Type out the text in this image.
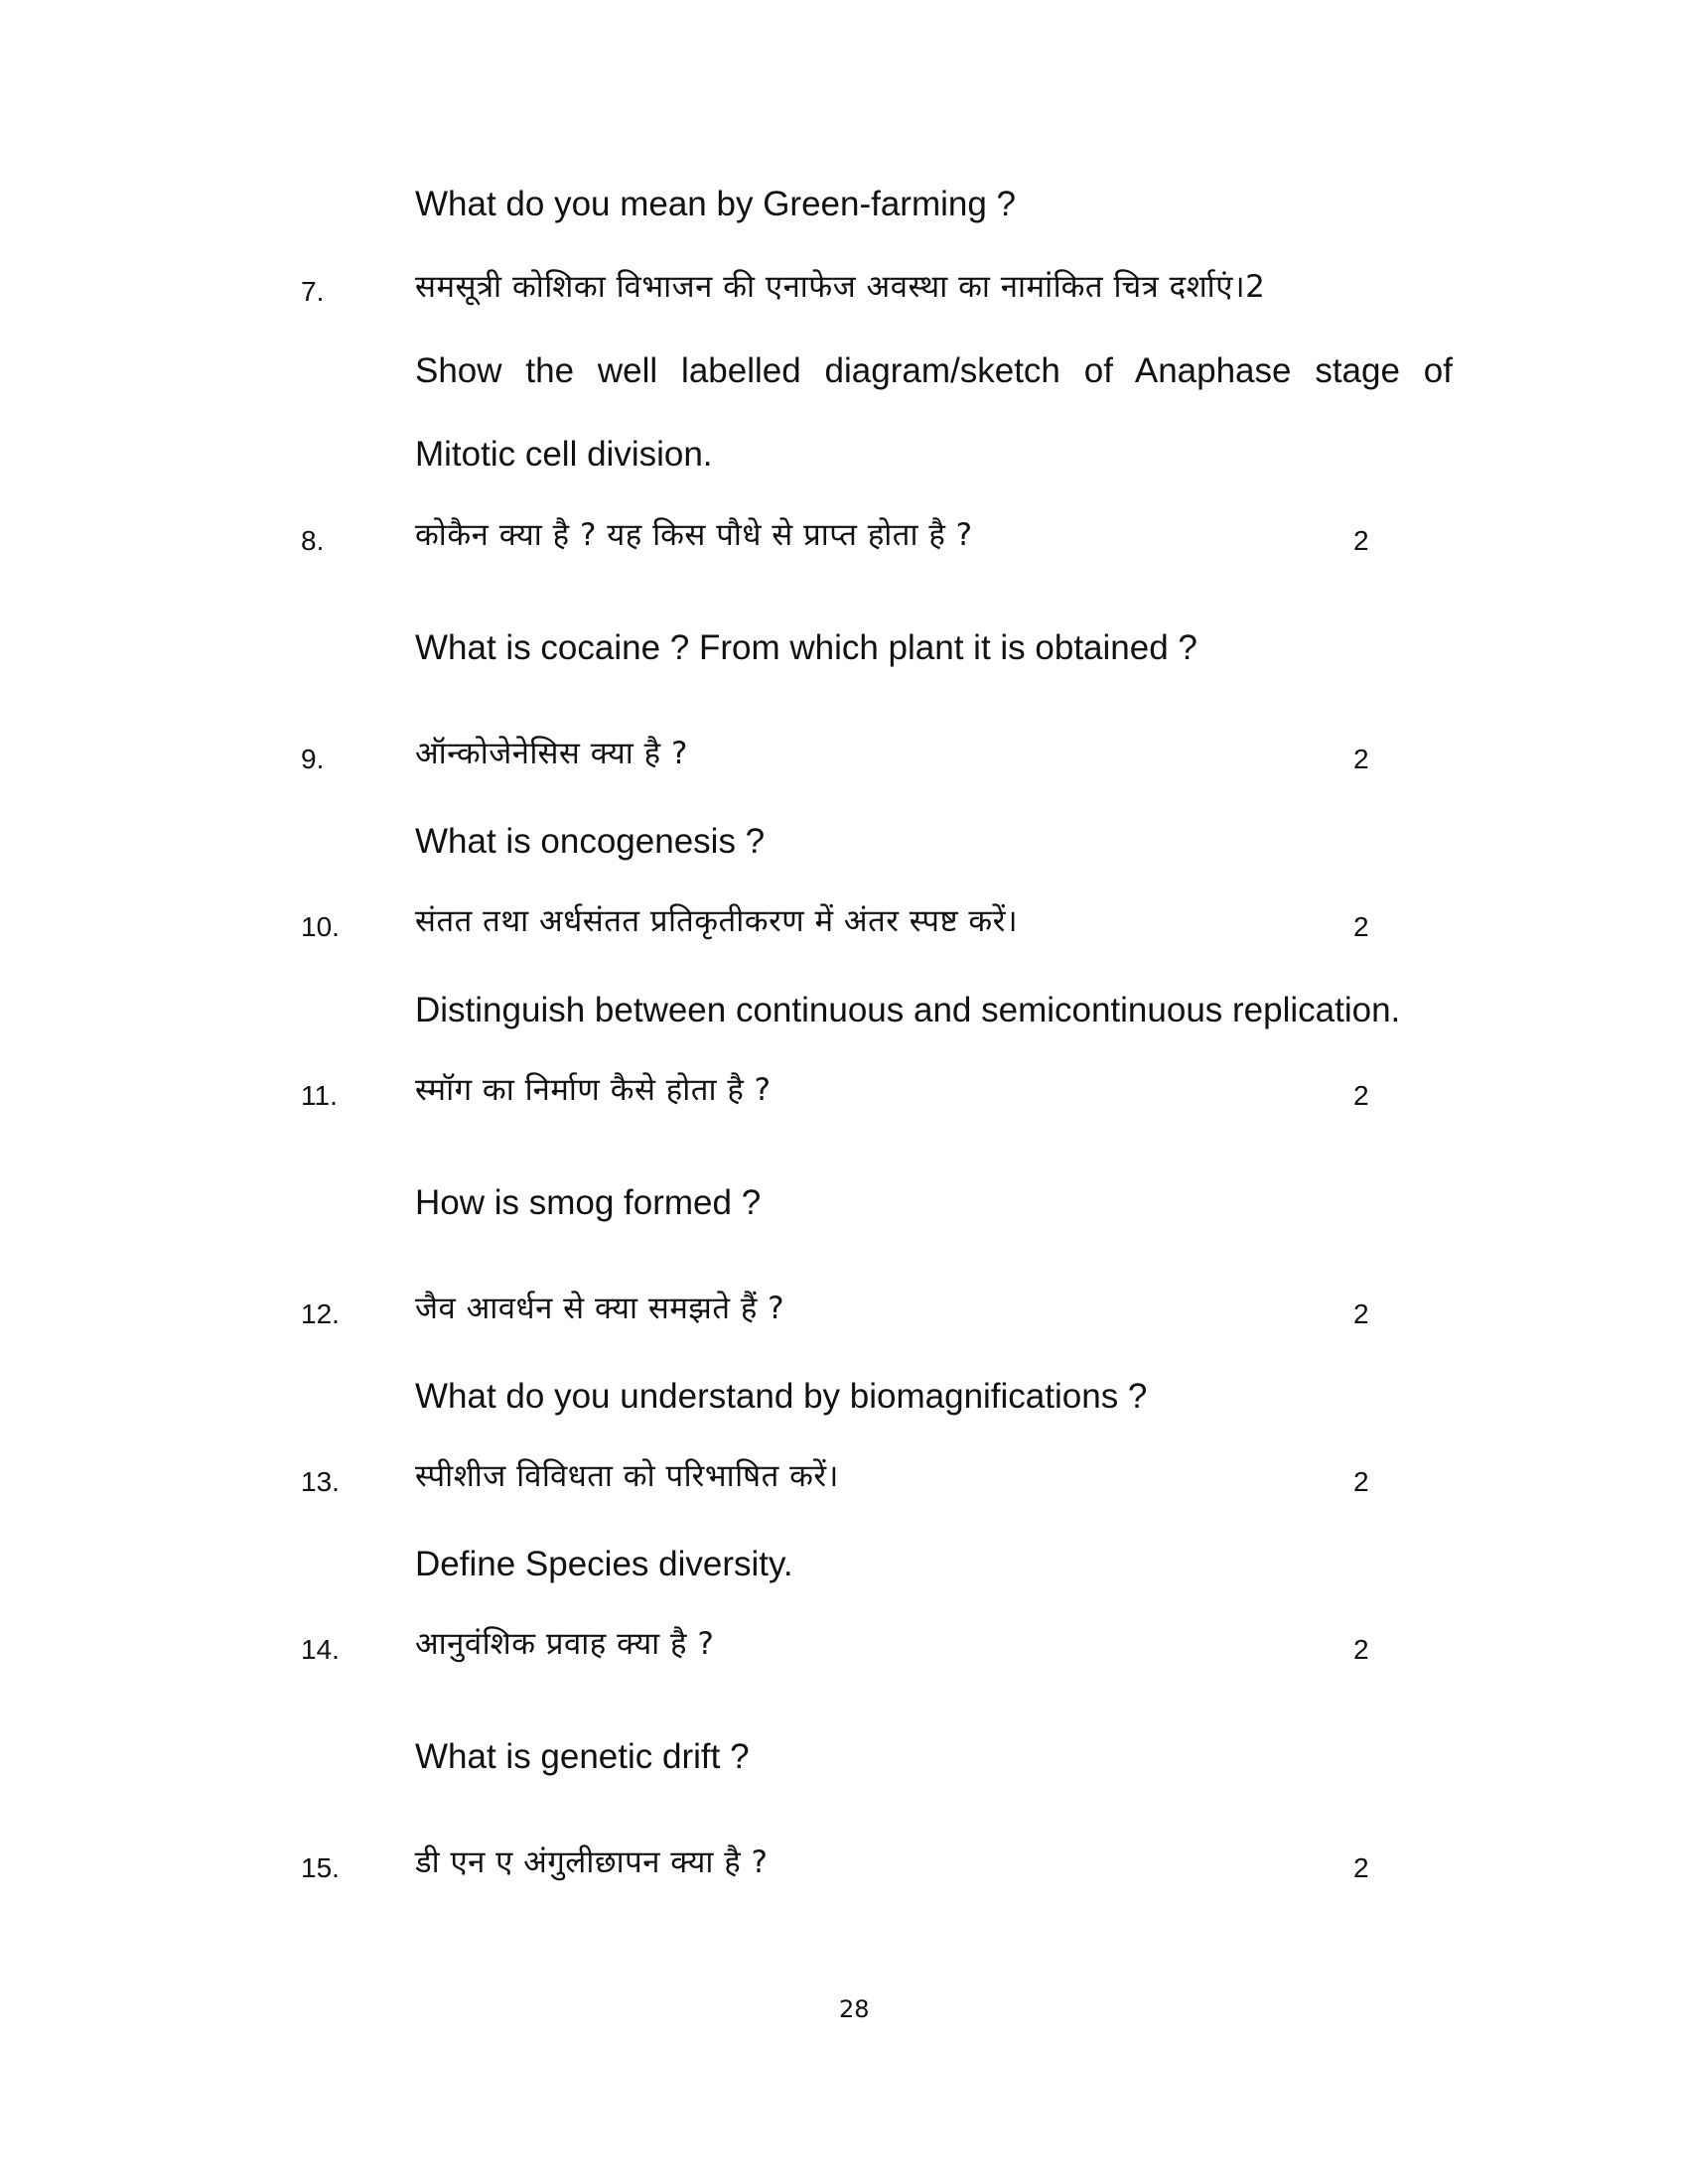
What do you mean by Green-farming ?
7.	समसूत्री कोशिका विभाजन की एनाफेज अवस्था का नामांकित चित्र दर्शाएं।2
Show the well labelled diagram/sketch of Anaphase stage of
Mitotic cell division.
8.	कोकैन क्या है ? यह किस पौधे से प्राप्त होता है ?	2
What is cocaine ? From which plant it is obtained ?
9.	ऑन्कोजेनेसिस क्या है ?	2
What is oncogenesis ?
10. संतत तथा अर्धसंतत प्रतिकृतीकरण में अंतर स्पष्ट करें।	2
Distinguish between continuous and semicontinuous replication.
11.	स्मॉग का निर्माण कैसे होता है ?	2
How is smog formed ?
12. जैव आवर्धन से क्या समझते हैं ?	2
What do you understand by biomagnifications ?
13. स्पीशीज विविधता को परिभाषित करें।	2
Define Species diversity.
14. आनुवंशिक प्रवाह क्या है ?	2
What is genetic drift ?
15. डी एन ए अंगुलीछापन क्या है ?	2
28
